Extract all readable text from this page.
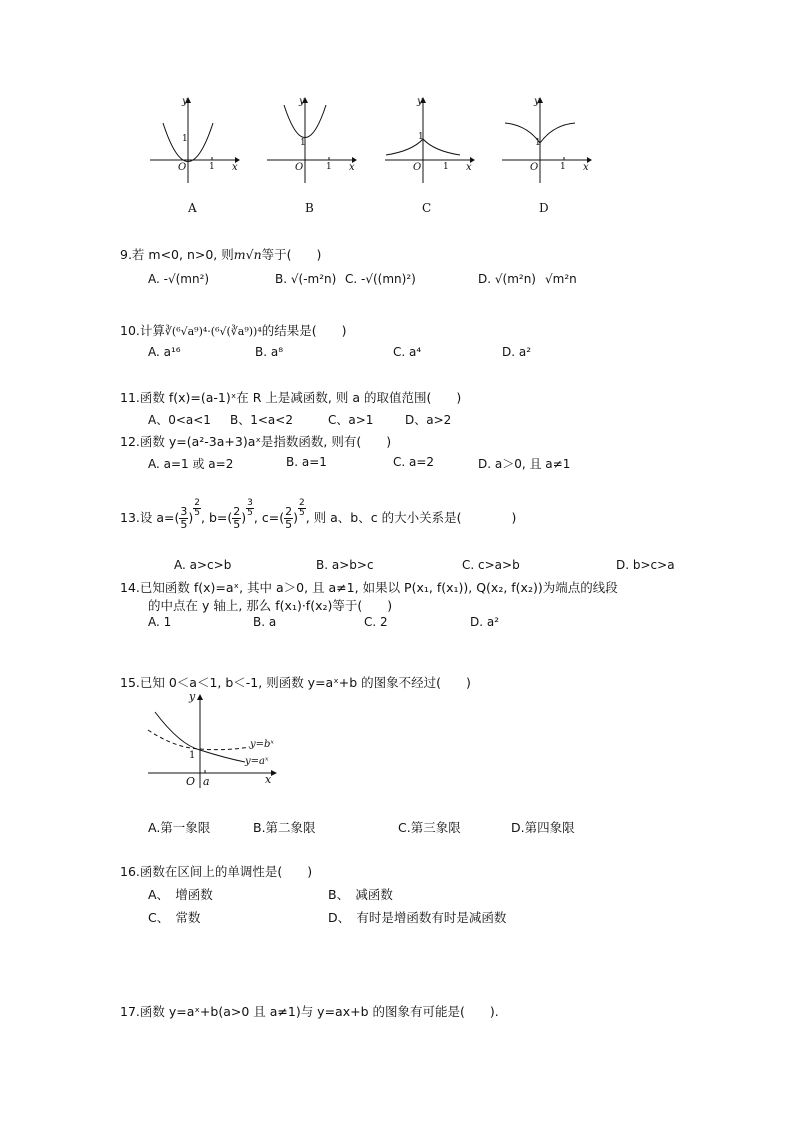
y
x
O	1
1
A
y
x
O	1
1
B
y
x
O 1
1
C
y
x
O 1
1
D
9.若 m<0, n>0, 则m√n等于(　　)
A. -√(mn²)	B. √(-m²n) C. -√((mn)²)	D. √(m²n) √m²n
10.计算∛(⁶√a⁹)⁴·(⁶√(∛a⁹))⁴的结果是(　　)
A. a¹⁶	B. a⁸	C. a⁴	D. a²
11.函数 f(x)=(a-1)ˣ在 R 上是减函数, 则 a 的取值范围(　　)
A、0<a<1 B、1<a<2	C、a>1	D、a>2
12.函数 y=(a²-3a+3)aˣ是指数函数, 则有(　　)
A. a=1 或 a=2	B. a=1	C. a=2	D. a＞0, 且 a≠1
13.设 $a=( \frac{3}{5}$ ) $^{\frac{2}{5}}$ , $b=( \frac{2}{5}$ ) $^{\frac{3}{5}}$ , $c=( \frac{2}{5}$ ) $^{\frac{2}{5}}$ , 则 a、b、c 的大小关系是(　　　　)
A. a>c>b	B. a>b>c	C. c>a>b	D. b>c>a
14.已知函数 f(x)=aˣ, 其中 a＞0, 且 a≠1, 如果以 P(x₁, f(x₁)), Q(x₂, f(x₂))为端点的线段
的中点在 y 轴上, 那么 f(x₁)·f(x₂)等于(　　)
A. 1	B. a	C. 2	D. a²
15.已知 0＜a＜1, b＜-1, 则函数 y=aˣ+b 的图象不经过(　　)
y
x
O
1
a
y=bˣ
y=aˣ
A.第一象限	B.第二象限	C.第三象限	D.第四象限
16.函数在区间上的单调性是(　　)
A、　增函数	B、　减函数
C、　常数	D、　有时是增函数有时是减函数
17.函数 y=aˣ+b(a>0 且 a≠1)与 y=ax+b 的图象有可能是(　　).
